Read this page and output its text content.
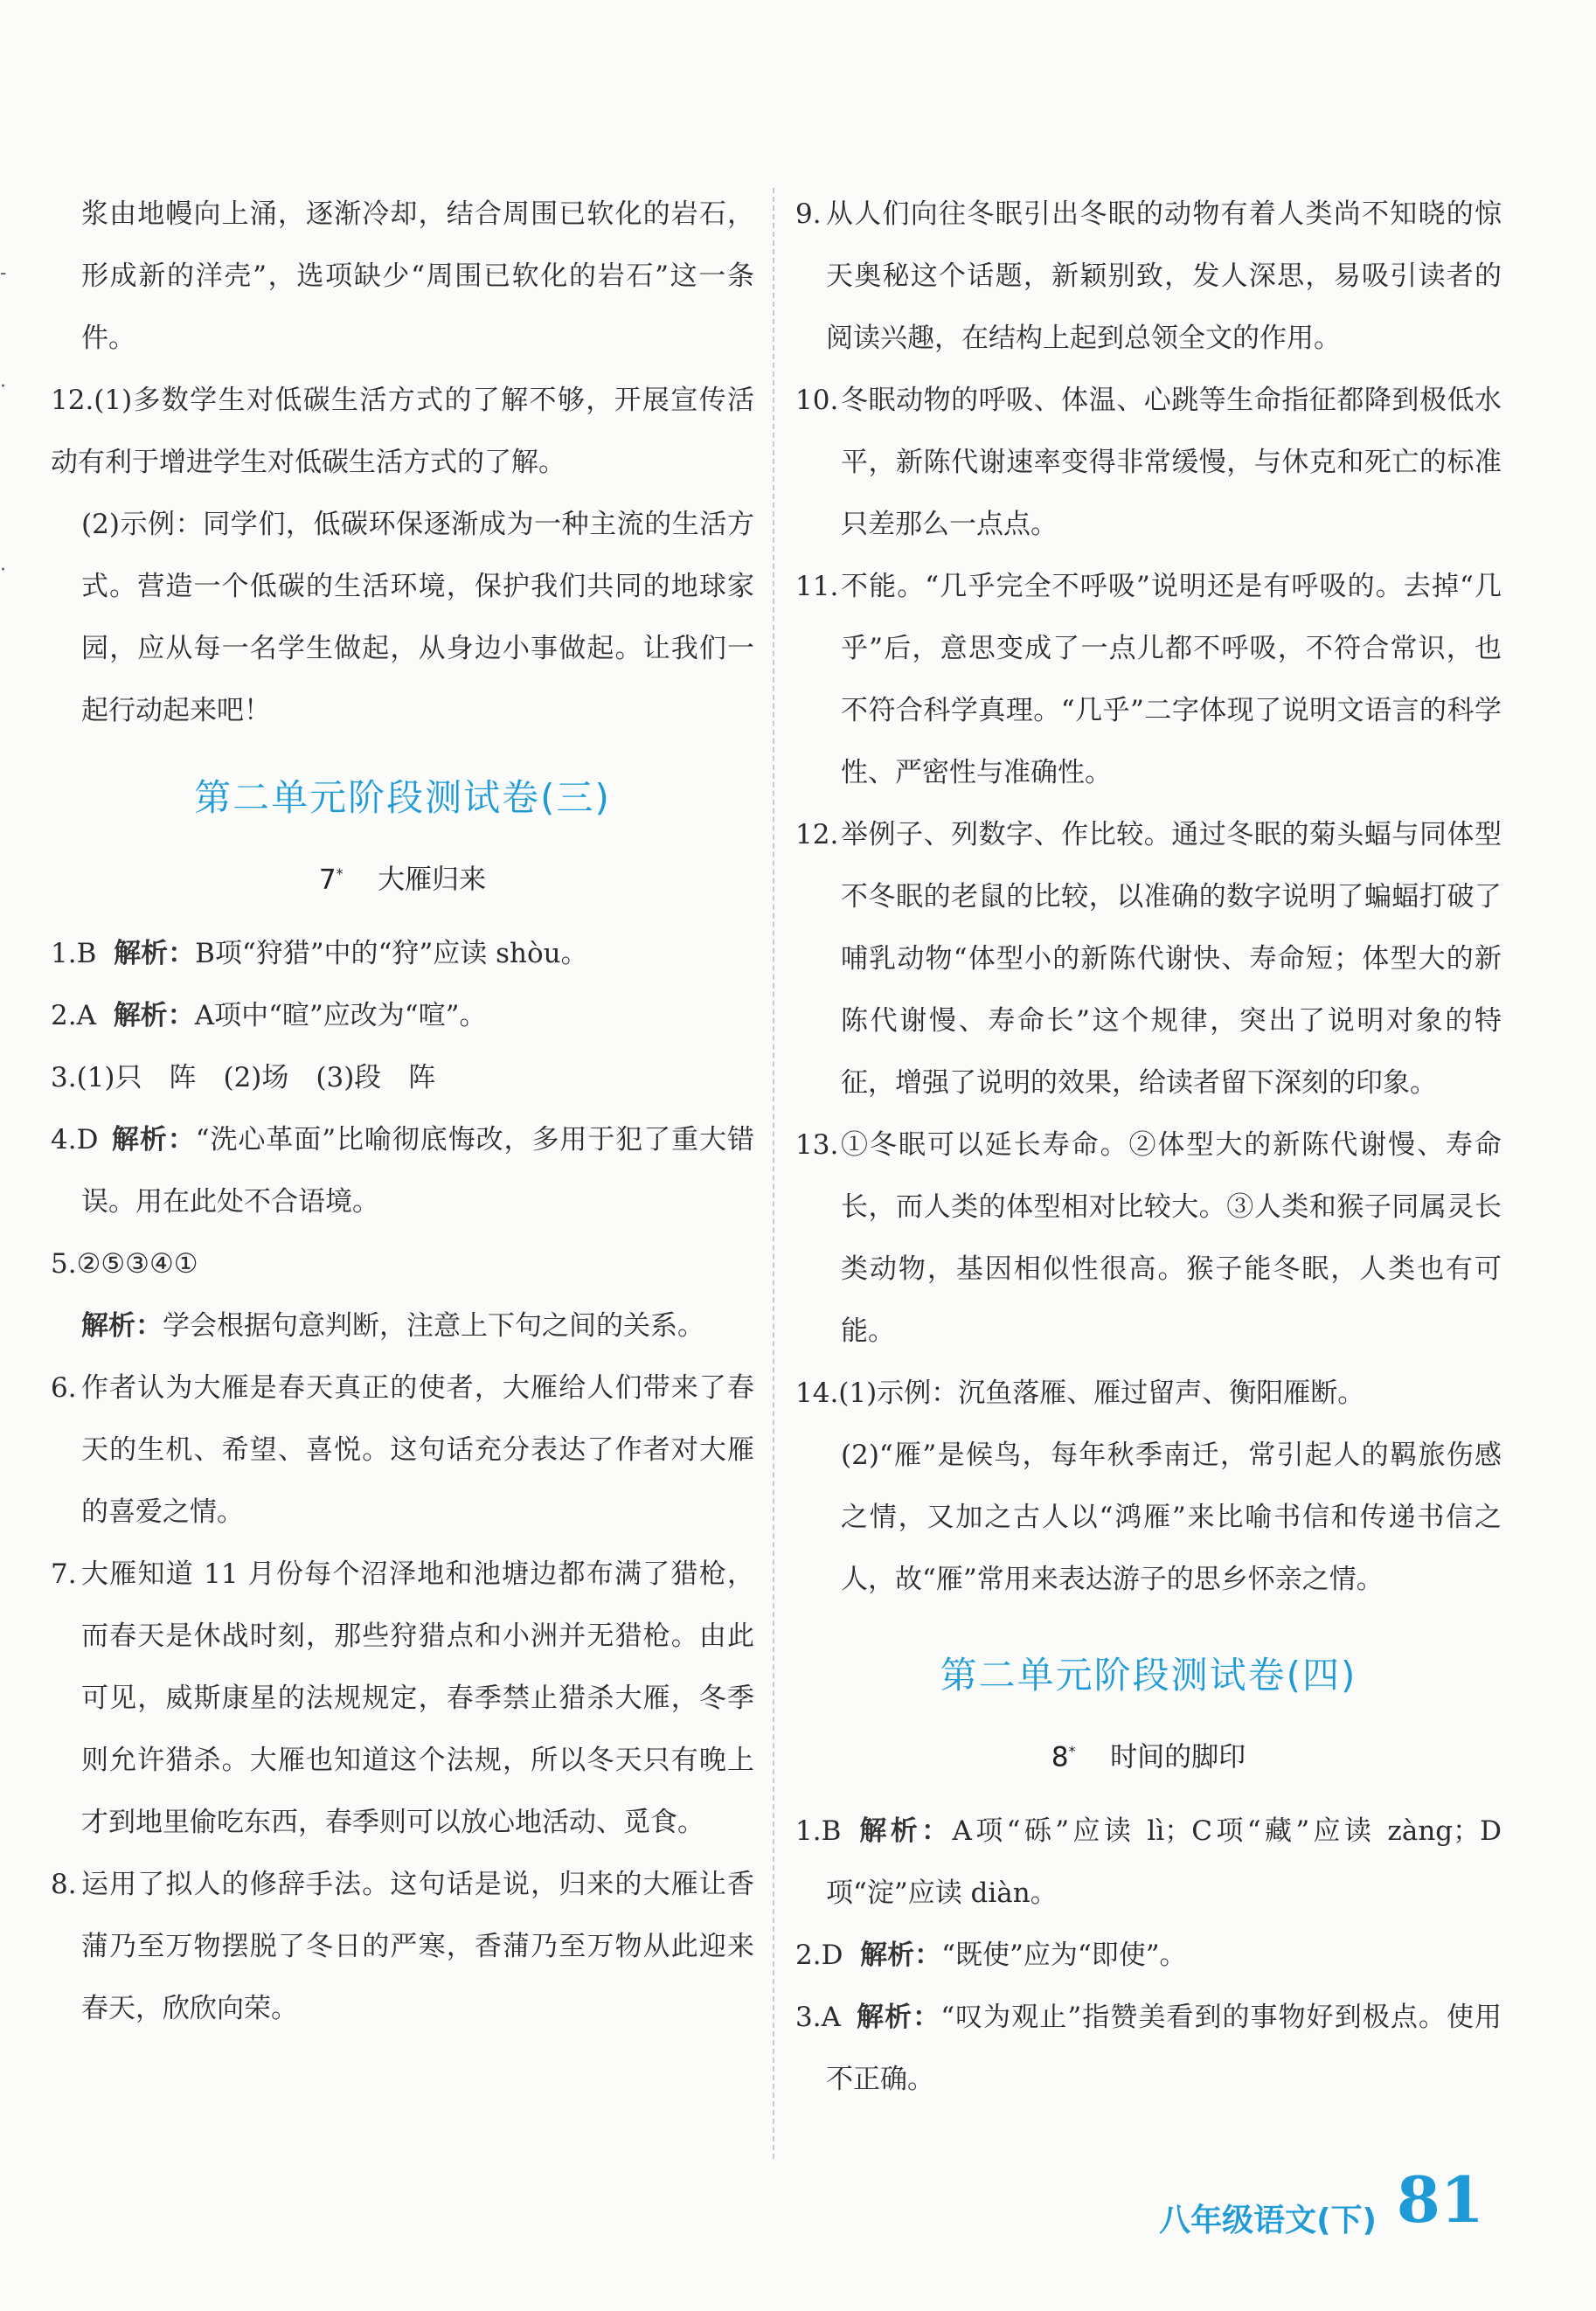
-
·
·

浆由地幔向上涌，逐渐冷却，结合周围已软化的岩石，形成新的洋壳”，选项缺少“周围已软化的岩石”这一条件。

12.(1)多数学生对低碳生活方式的了解不够，开展宣传活动有利于增进学生对低碳生活方式的了解。

(2)示例：同学们，低碳环保逐渐成为一种主流的生活方式。营造一个低碳的生活环境，保护我们共同的地球家园，应从每一名学生做起，从身边小事做起。让我们一起行动起来吧！

第二单元阶段测试卷(三)

7* 大雁归来

1.B 解析：B项“狩猎”中的“狩”应读 shòu。

2.A 解析：A项中“暄”应改为“喧”。

3.(1)只　阵　(2)场　(3)段　阵

4.D 解析：“洗心革面”比喻彻底悔改，多用于犯了重大错误。用在此处不合语境。

5.②⑤③④①

解析：学会根据句意判断，注意上下句之间的关系。

6. 作者认为大雁是春天真正的使者，大雁给人们带来了春天的生机、希望、喜悦。这句话充分表达了作者对大雁的喜爱之情。

7. 大雁知道 11 月份每个沼泽地和池塘边都布满了猎枪，而春天是休战时刻，那些狩猎点和小洲并无猎枪。由此可见，威斯康星的法规规定，春季禁止猎杀大雁，冬季则允许猎杀。大雁也知道这个法规，所以冬天只有晚上才到地里偷吃东西，春季则可以放心地活动、觅食。

8. 运用了拟人的修辞手法。这句话是说，归来的大雁让香蒲乃至万物摆脱了冬日的严寒，香蒲乃至万物从此迎来春天，欣欣向荣。

9. 从人们向往冬眠引出冬眠的动物有着人类尚不知晓的惊天奥秘这个话题，新颖别致，发人深思，易吸引读者的阅读兴趣，在结构上起到总领全文的作用。

10. 冬眠动物的呼吸、体温、心跳等生命指征都降到极低水平，新陈代谢速率变得非常缓慢，与休克和死亡的标准只差那么一点点。

11. 不能。“几乎完全不呼吸”说明还是有呼吸的。去掉“几乎”后，意思变成了一点儿都不呼吸，不符合常识，也不符合科学真理。“几乎”二字体现了说明文语言的科学性、严密性与准确性。

12. 举例子、列数字、作比较。通过冬眠的菊头蝠与同体型不冬眠的老鼠的比较，以准确的数字说明了蝙蝠打破了哺乳动物“体型小的新陈代谢快、寿命短；体型大的新陈代谢慢、寿命长”这个规律，突出了说明对象的特征，增强了说明的效果，给读者留下深刻的印象。

13. ①冬眠可以延长寿命。②体型大的新陈代谢慢、寿命长，而人类的体型相对比较大。③人类和猴子同属灵长类动物，基因相似性很高。猴子能冬眠，人类也有可能。

14.(1)示例：沉鱼落雁、雁过留声、衡阳雁断。

(2)“雁”是候鸟，每年秋季南迁，常引起人的羁旅伤感之情，又加之古人以“鸿雁”来比喻书信和传递书信之人，故“雁”常用来表达游子的思乡怀亲之情。

第二单元阶段测试卷(四)

8* 时间的脚印

1.B 解析：A项“砾”应读 lì；C项“藏”应读 zàng；D项“淀”应读 diàn。

2.D 解析：“既使”应为“即使”。

3.A 解析：“叹为观止”指赞美看到的事物好到极点。使用不正确。

八年级语文(下) 81
